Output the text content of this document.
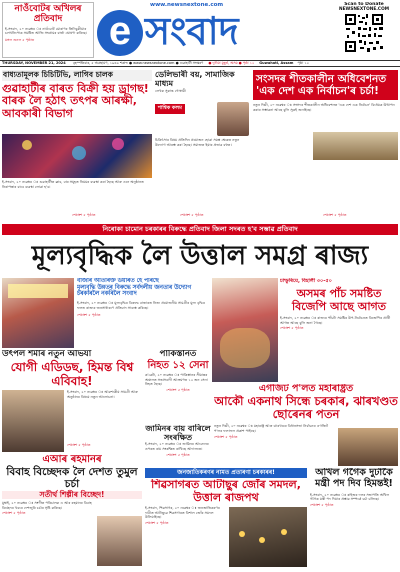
নাওঁবোটৰ অখিলৰ প্ৰতিবাদ
ই-সংবাদ, ২০ নৱেম্বৰ ঃ নাওঁবোট মোৰাণৰ তিনিচুকীয়াৰ চলখনিপোক সমষ্টিত আজি সংগ্ৰামৰ বাৰ্তা ঘোষণা কৰিছে।
মঙ্গল শুনল ৫ পৃষ্ঠাত
www.newsnextone.com
e সংবাদ
Scan to Donate
NEWSNEXTONE.COM
THURSDAY, NOVEMBER 21, 2024 বৃহস্পতিবাৰ, ৫ অগ্ৰহায়ণ, ১৯৪৬ শকাব্দ ● www.newsnextone.com ● গুৱাহাটী সংস্কৰণ ● দুনীয়া মুহূৰ্ত, অসম ● পৃষ্ঠা ১২ Guwahati, Assam পৃষ্ঠা ১২
বাধ্যতামূলক চিচিটিভি, লাগিব চালক
গুৱাহাটীৰ বাৰত বিক্ৰী হয় ড্ৰাগছ! বাৰক লৈ হঠাৎ তৎপৰ আৰক্ষী, আবকাৰী বিভাগ
ই-সংবাদ, ২০ নৱেম্বৰ ঃ গুৱাহাটীত ক্লাব, বাৰ সমূহত নিয়মৰ ব্যৱস্থা কৰা হৈছে আৰু এনে অনুষ্ঠানত নিৰাপত্তাৰ বাবে ব্যৱস্থা লোৱা হ'ব।
শেষাংশ ৫ পৃষ্ঠাত
ডেলিভাৰী বয়, সামাজিক মাধ্যম
লেখক সুকান্ত গোস্বামী
শাশ্বিক কলম
চিকিৎসাৰ বিষয় প্ৰতিদিন প্ৰয়োজন হোৱা সমস্ত ক্ষেত্ৰত নতুন উদ্যোগ আৰম্ভ কৰা হৈছে। সমাজত ইয়াৰ প্ৰভাৱ বহুত।
শেষাংশ ৫ পৃষ্ঠাত
সংসদৰ শীতকালীন অধিবেশনত 'এক দেশ এক নিৰ্বাচন'ৰ চৰ্চা!
নতুন দিল্লী, ২০ নৱেম্বৰ ঃ সংসদৰ শীতকালীন অধিবেশনত 'এক দেশ এক নিৰ্বাচন' বিধেয়ক উত্থাপন কৰাৰ সম্ভাৱনা আছে বুলি সূত্ৰই জনাইছে।
শেষাংশ ৫ পৃষ্ঠাত
নিৰোকা চামোন চৰকাৰৰ বিৰুদ্ধে প্ৰতিবাদ জিলা সদৰত হ'ব সম্ভাৱ প্ৰতিবাদ
মূল্যবৃদ্ধিক লৈ উত্তাল সমগ্ৰ ৰাজ্য
বাজাৰ অতিৰিক্ত ডয়াৰত হৈ পৰিছে
মূল্যবৃদ্ধি উন্নতৰ বিৰুদ্ধে সৰ্বদলীয় জনতাৰ উদ্যোগ
চৰকাৰলৈ নকৰিলৈ সংবাদ
ই-সংবাদ, ২০ নৱেম্বৰ ঃ মূল্যবৃদ্ধিৰ বিৰুদ্ধে বাজাৰত নিত্য প্ৰয়োজনীয় সামগ্ৰীৰ মূল্য বৃদ্ধিৰ ফলত ৰাজ্যৰ জনসাধাৰণে প্ৰতিবাদ সাব্যস্ত কৰিছে।
শেষাংশ ৫ পৃষ্ঠাত
চাম্ফুৰিয়ে, বিহালী ৩০-৫০
অসমৰ পাঁচ সমষ্টিত বিজেপি আছে আগত
ই-সংবাদ, ২০ নৱেম্বৰ ঃ ৰাজ্যৰ পাঁচটা সমষ্টিৰ উপ-নিৰ্বাচনত বিজেপিৰ প্ৰাৰ্থী আগত আছে বুলি জনা গৈছে।
শেষাংশ ৫ পৃষ্ঠাত
উৎপল শৰ্মাৰ নতুন অভিযা
যোগী এডিডছ, হিমন্ত বিশ্ব এবিবাহ!
ই-সংবাদ, ২০ নৱেম্বৰ ঃ আৱশ্যকীয় সামগ্ৰী আৰু অনুষ্ঠানৰ বিষয়ে নতুন আলোচনা।
শেষাংশ ৫ পৃষ্ঠাত
পাকিস্তানত
নিহত ১২ সেনা
ক'ৱেটা, ২০ নৱেম্বৰ ঃ পাকিস্তানৰ সীমান্তৰ অঞ্চলত সন্ত্ৰাসবাদী আক্ৰমণত ১২ জন সেনা নিহত হৈছে।
শেষাংশ ৫ পৃষ্ঠাত
জামিনৰ বায় বাৰিলে সংৰক্ষিত
ই-সংবাদ, ২০ নৱেম্বৰ ঃ জামিনৰ আবেদনৰ ওপৰত ৰায় সংৰক্ষিত ৰাখিছে আদালতে।
শেষাংশ ৫ পৃষ্ঠাত
এগজিট প'লত মহাৰাষ্ট্ৰত
আকৌ একনাথ সিন্ধে চৰকাৰ, ঝাৰখণ্ডত ছোৰেনৰ পতন
নতুন দিল্লী, ২০ নৱেম্বৰ ঃ মহাৰাষ্ট্ৰ আৰু ঝাৰখণ্ডৰ বিধানসভা নিৰ্বাচনৰ এগজিট প'লৰ ফলাফল প্ৰকাশ পাইছে।
শেষাংশ ৫ পৃষ্ঠাত
এআৰ ৰহমানৰ
বিবাহ বিচ্ছেদক লৈ দেশত তুমুল চৰ্চা
সতীৰ্থ শিল্পীৰ বিচ্ছেদ!
মুম্বাই, ২০ নৱেম্বৰ ঃ সংগীত পৰিচালক এ আৰ ৰহমানৰ বিবাহ বিচ্ছেদৰ খবৰে দেশজুৰি চৰ্চাৰ সৃষ্টি কৰিছে।
শেষাংশ ৫ পৃষ্ঠাত
জনজাতিকৰণৰ নামত প্ৰতাৰণা চৰকাৰৰ!
শিৱসাগৰত আটাছুৰ জোঁৰ সমদল, উত্তাল ৰাজপথ
ই-সংবাদ, শিৱসাগৰ, ২০ নৱেম্বৰ ঃ জনজাতিকৰণৰ দাবীত আটাছুৱে শিৱসাগৰত বিশাল জোঁৰ সমদল উলিয়াইছে।
শেষাংশ ৫ পৃষ্ঠাত
অখিল গগৈক দুটাকৈ মন্ত্ৰী পদ দিব হিমন্তই!
ই-সংবাদ, ২০ নৱেম্বৰ ঃ ৰাইজৰ দলৰ সভাপতি অখিল গগৈক মন্ত্ৰী পদ দিয়াৰ প্ৰস্তাৱ সম্পৰ্কে চৰ্চা চলিছে।
শেষাংশ ৫ পৃষ্ঠাত
